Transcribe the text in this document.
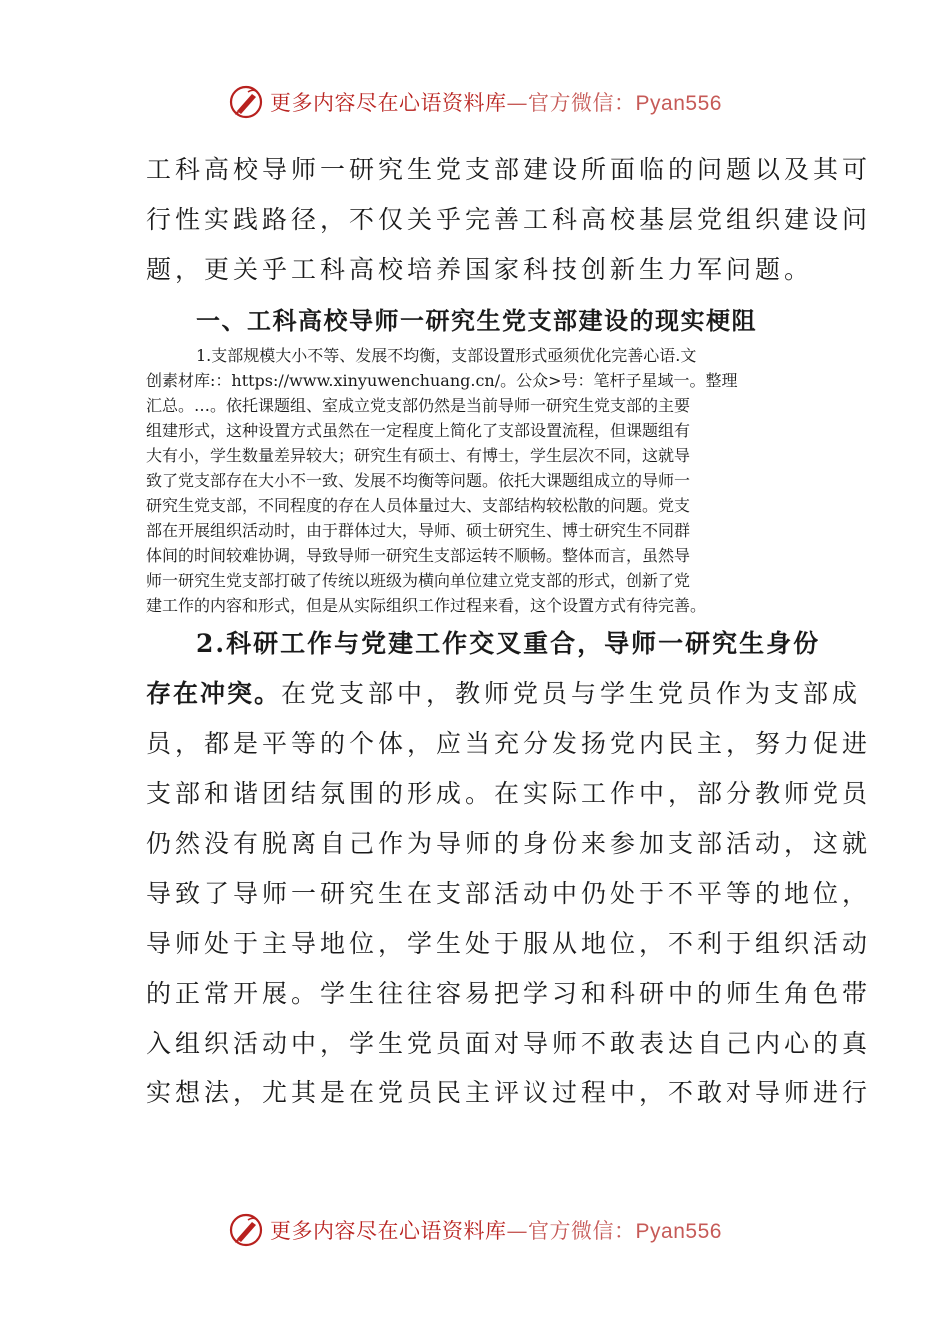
更多内容尽在心语资料库—官方微信：Pyan556
工科高校导师一研究生党支部建设所面临的问题以及其可
行性实践路径，不仅关乎完善工科高校基层党组织建设问
题，更关乎工科高校培养国家科技创新生力军问题。
一、工科高校导师一研究生党支部建设的现实梗阻
1.支部规模大小不等、发展不均衡，支部设置形式亟须优化完善心语.文
创素材库:：https://www.xinyuwenchuang.cn/。公众>号：笔杆子星域一。整理
汇总。…。依托课题组、室成立党支部仍然是当前导师一研究生党支部的主要
组建形式，这种设置方式虽然在一定程度上简化了支部设置流程，但课题组有
大有小，学生数量差异较大；研究生有硕士、有博士，学生层次不同，这就导
致了党支部存在大小不一致、发展不均衡等问题。依托大课题组成立的导师一
研究生党支部，不同程度的存在人员体量过大、支部结构较松散的问题。党支
部在开展组织活动时，由于群体过大，导师、硕士研究生、博士研究生不同群
体间的时间较难协调，导致导师一研究生支部运转不顺畅。整体而言，虽然导
师一研究生党支部打破了传统以班级为横向单位建立党支部的形式，创新了党
建工作的内容和形式，但是从实际组织工作过程来看，这个设置方式有待完善。
2.科研工作与党建工作交叉重合，导师一研究生身份
存在冲突。在党支部中，教师党员与学生党员作为支部成
员，都是平等的个体，应当充分发扬党内民主，努力促进
支部和谐团结氛围的形成。在实际工作中，部分教师党员
仍然没有脱离自己作为导师的身份来参加支部活动，这就
导致了导师一研究生在支部活动中仍处于不平等的地位，
导师处于主导地位，学生处于服从地位，不利于组织活动
的正常开展。学生往往容易把学习和科研中的师生角色带
入组织活动中，学生党员面对导师不敢表达自己内心的真
实想法，尤其是在党员民主评议过程中，不敢对导师进行
更多内容尽在心语资料库—官方微信：Pyan556
